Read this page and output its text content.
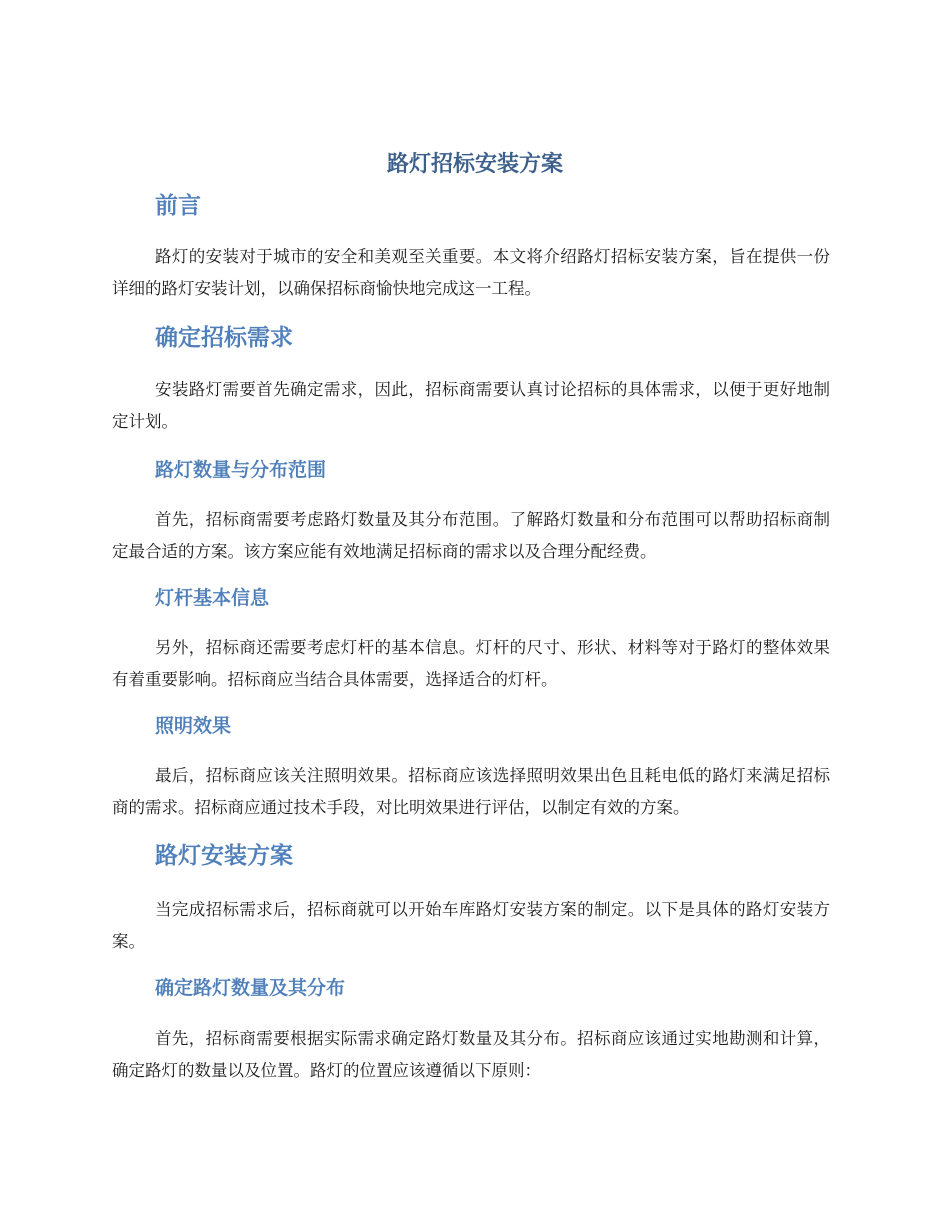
路灯招标安装方案
前言
路灯的安装对于城市的安全和美观至关重要。本文将介绍路灯招标安装方案，旨在提供一份详细的路灯安装计划，以确保招标商愉快地完成这一工程。
确定招标需求
安装路灯需要首先确定需求，因此，招标商需要认真讨论招标的具体需求，以便于更好地制定计划。
路灯数量与分布范围
首先，招标商需要考虑路灯数量及其分布范围。了解路灯数量和分布范围可以帮助招标商制定最合适的方案。该方案应能有效地满足招标商的需求以及合理分配经费。
灯杆基本信息
另外，招标商还需要考虑灯杆的基本信息。灯杆的尺寸、形状、材料等对于路灯的整体效果有着重要影响。招标商应当结合具体需要，选择适合的灯杆。
照明效果
最后，招标商应该关注照明效果。招标商应该选择照明效果出色且耗电低的路灯来满足招标商的需求。招标商应通过技术手段，对比明效果进行评估，以制定有效的方案。
路灯安装方案
当完成招标需求后，招标商就可以开始车库路灯安装方案的制定。以下是具体的路灯安装方案。
确定路灯数量及其分布
首先，招标商需要根据实际需求确定路灯数量及其分布。招标商应该通过实地勘测和计算，确定路灯的数量以及位置。路灯的位置应该遵循以下原则：
